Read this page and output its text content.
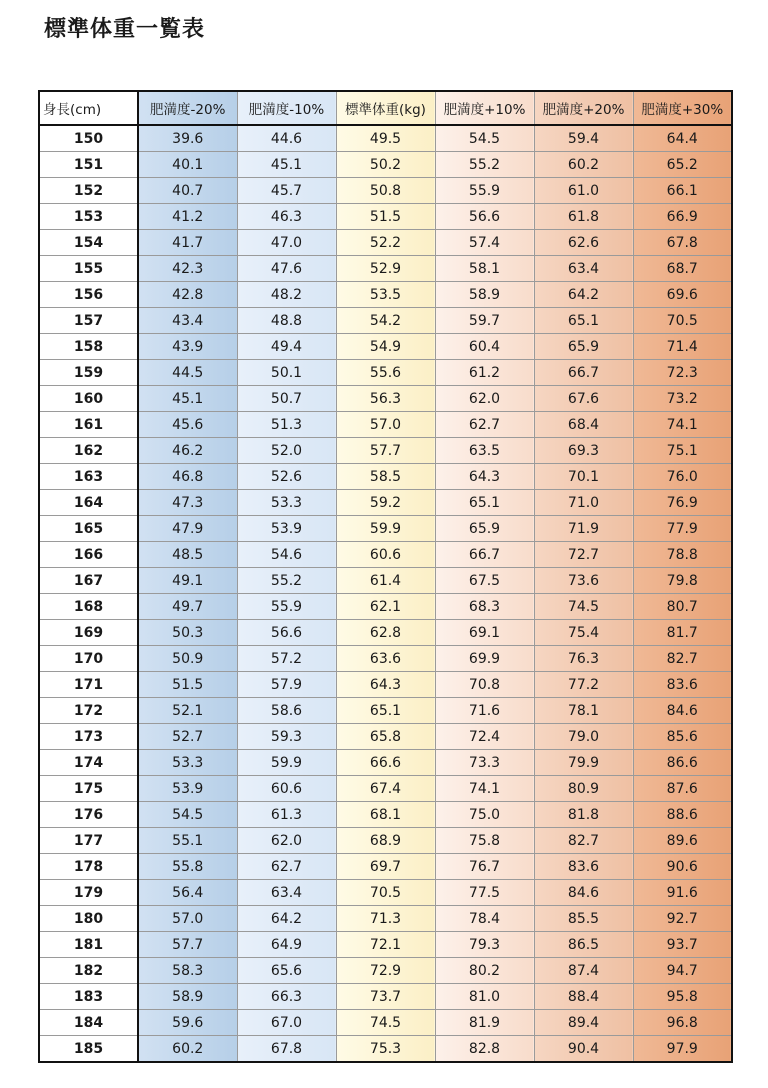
標準体重一覧表
身長(cm)	肥満度-20%	肥満度-10%	標準体重(kg)	肥満度+10%	肥満度+20%	肥満度+30%
150	39.6	44.6	49.5	54.5	59.4	64.4
151	40.1	45.1	50.2	55.2	60.2	65.2
152	40.7	45.7	50.8	55.9	61.0	66.1
153	41.2	46.3	51.5	56.6	61.8	66.9
154	41.7	47.0	52.2	57.4	62.6	67.8
155	42.3	47.6	52.9	58.1	63.4	68.7
156	42.8	48.2	53.5	58.9	64.2	69.6
157	43.4	48.8	54.2	59.7	65.1	70.5
158	43.9	49.4	54.9	60.4	65.9	71.4
159	44.5	50.1	55.6	61.2	66.7	72.3
160	45.1	50.7	56.3	62.0	67.6	73.2
161	45.6	51.3	57.0	62.7	68.4	74.1
162	46.2	52.0	57.7	63.5	69.3	75.1
163	46.8	52.6	58.5	64.3	70.1	76.0
164	47.3	53.3	59.2	65.1	71.0	76.9
165	47.9	53.9	59.9	65.9	71.9	77.9
166	48.5	54.6	60.6	66.7	72.7	78.8
167	49.1	55.2	61.4	67.5	73.6	79.8
168	49.7	55.9	62.1	68.3	74.5	80.7
169	50.3	56.6	62.8	69.1	75.4	81.7
170	50.9	57.2	63.6	69.9	76.3	82.7
171	51.5	57.9	64.3	70.8	77.2	83.6
172	52.1	58.6	65.1	71.6	78.1	84.6
173	52.7	59.3	65.8	72.4	79.0	85.6
174	53.3	59.9	66.6	73.3	79.9	86.6
175	53.9	60.6	67.4	74.1	80.9	87.6
176	54.5	61.3	68.1	75.0	81.8	88.6
177	55.1	62.0	68.9	75.8	82.7	89.6
178	55.8	62.7	69.7	76.7	83.6	90.6
179	56.4	63.4	70.5	77.5	84.6	91.6
180	57.0	64.2	71.3	78.4	85.5	92.7
181	57.7	64.9	72.1	79.3	86.5	93.7
182	58.3	65.6	72.9	80.2	87.4	94.7
183	58.9	66.3	73.7	81.0	88.4	95.8
184	59.6	67.0	74.5	81.9	89.4	96.8
185	60.2	67.8	75.3	82.8	90.4	97.9
